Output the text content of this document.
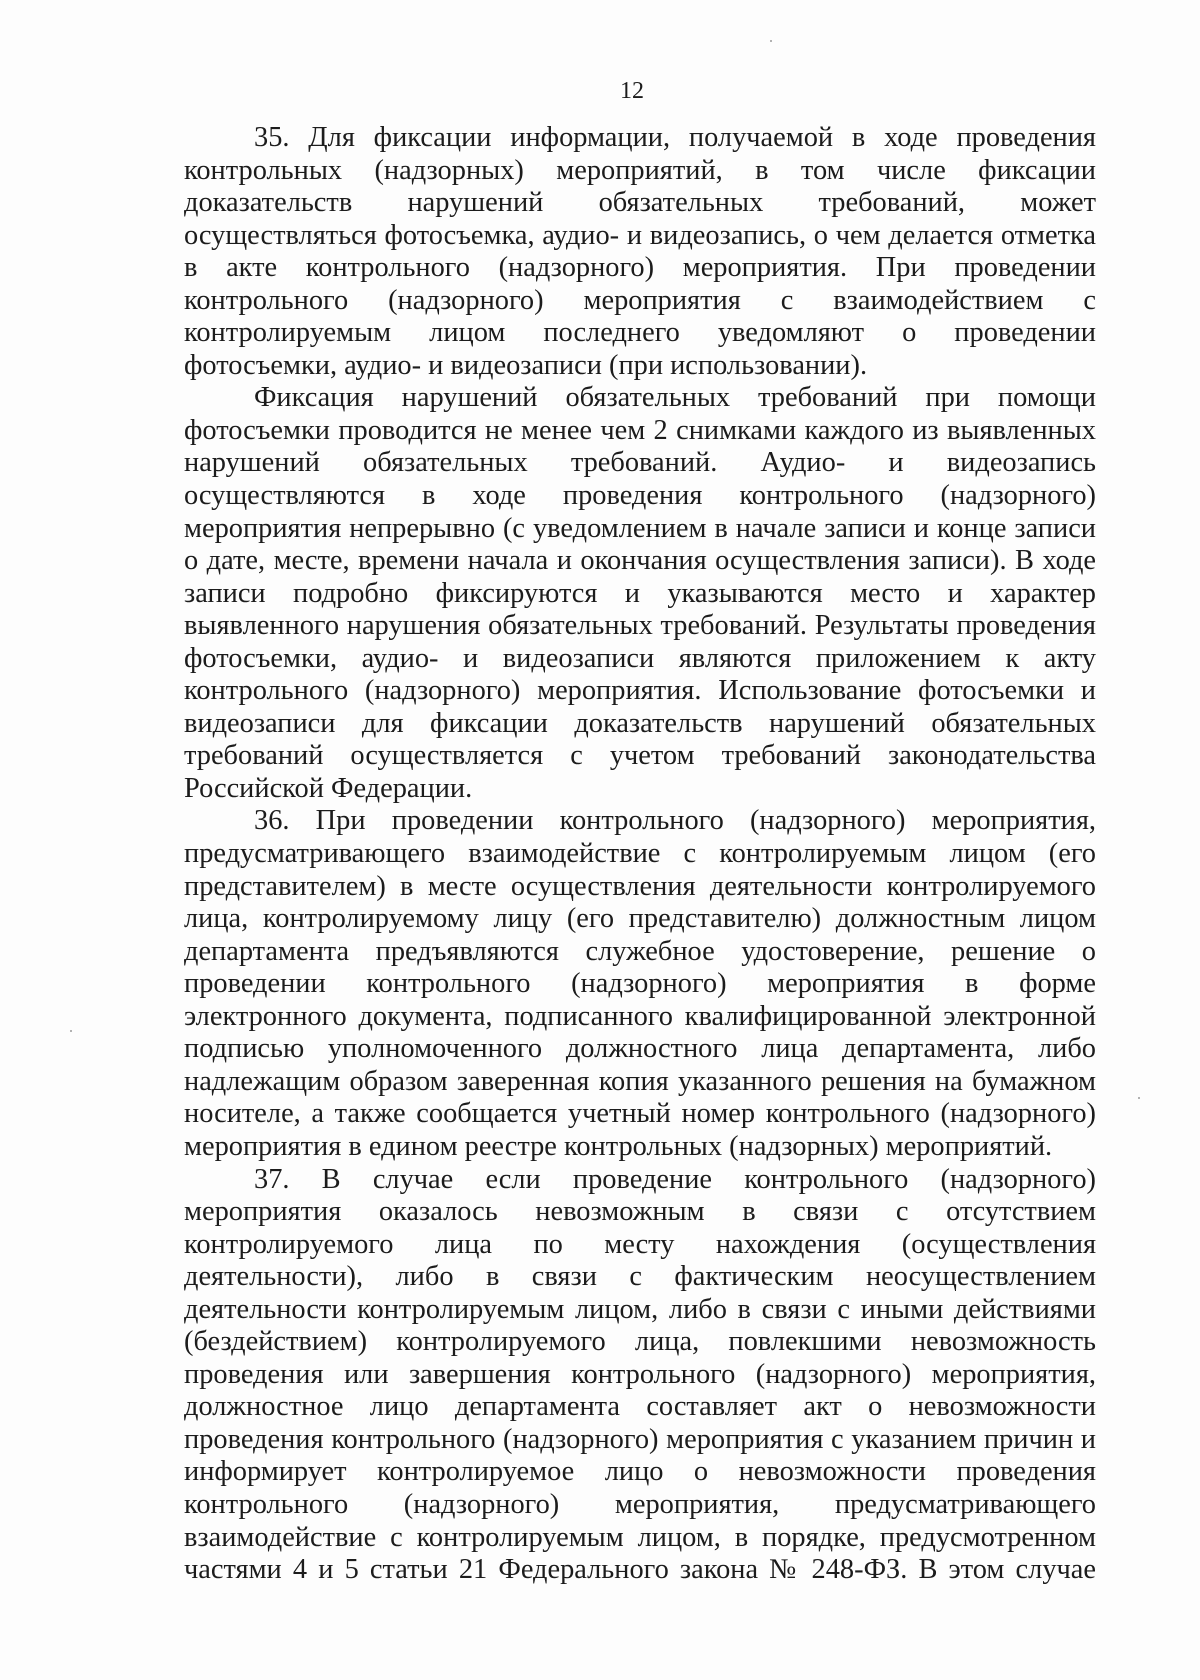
12

35. Для фиксации информации, получаемой в ходе проведения контрольных (надзорных) мероприятий, в том числе фиксации доказательств нарушений обязательных требований, может осуществляться фотосъемка, аудио- и видеозапись, о чем делается отметка в акте контрольного (надзорного) мероприятия. При проведении контрольного (надзорного) мероприятия с взаимодействием с контролируемым лицом последнего уведомляют о проведении фотосъемки, аудио- и видеозаписи (при использовании).

Фиксация нарушений обязательных требований при помощи фотосъемки проводится не менее чем 2 снимками каждого из выявленных нарушений обязательных требований. Аудио- и видеозапись осуществляются в ходе проведения контрольного (надзорного) мероприятия непрерывно (с уведомлением в начале записи и конце записи о дате, месте, времени начала и окончания осуществления записи). В ходе записи подробно фиксируются и указываются место и характер выявленного нарушения обязательных требований. Результаты проведения фотосъемки, аудио- и видеозаписи являются приложением к акту контрольного (надзорного) мероприятия. Использование фотосъемки и видеозаписи для фиксации доказательств нарушений обязательных требований осуществляется с учетом требований законодательства Российской Федерации.

36. При проведении контрольного (надзорного) мероприятия, предусматривающего взаимодействие с контролируемым лицом (его представителем) в месте осуществления деятельности контролируемого лица, контролируемому лицу (его представителю) должностным лицом департамента предъявляются служебное удостоверение, решение о проведении контрольного (надзорного) мероприятия в форме электронного документа, подписанного квалифицированной электронной подписью уполномоченного должностного лица департамента, либо надлежащим образом заверенная копия указанного решения на бумажном носителе, а также сообщается учетный номер контрольного (надзорного) мероприятия в едином реестре контрольных (надзорных) мероприятий.

37. В случае если проведение контрольного (надзорного) мероприятия оказалось невозможным в связи с отсутствием контролируемого лица по месту нахождения (осуществления деятельности), либо в связи с фактическим неосуществлением деятельности контролируемым лицом, либо в связи с иными действиями (бездействием) контролируемого лица, повлекшими невозможность проведения или завершения контрольного (надзорного) мероприятия, должностное лицо департамента составляет акт о невозможности проведения контрольного (надзорного) мероприятия с указанием причин и информирует контролируемое лицо о невозможности проведения контрольного (надзорного) мероприятия, предусматривающего взаимодействие с контролируемым лицом, в порядке, предусмотренном частями 4 и 5 статьи 21 Федерального закона № 248-ФЗ. В этом случае
